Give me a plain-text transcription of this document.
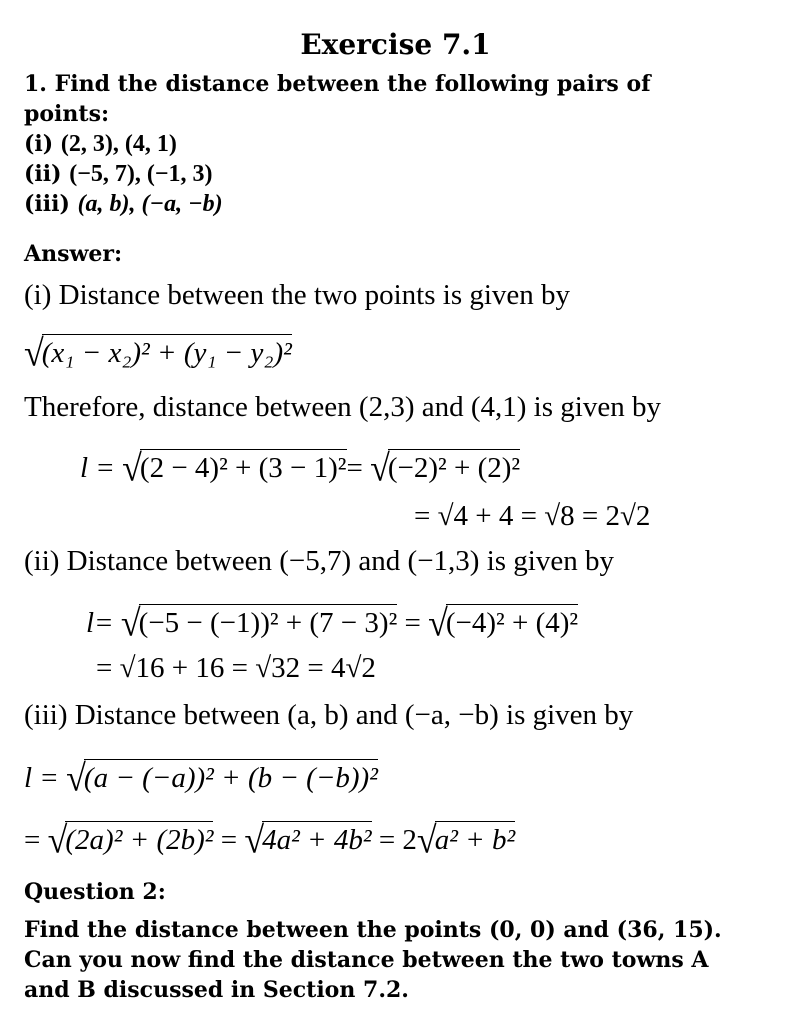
Exercise 7.1
1. Find the distance between the following pairs of
points:
(i) (2, 3), (4, 1)
(ii) (−5, 7), (−1, 3)
(iii) (a, b), (−a, −b)
Answer:
(i) Distance between the two points is given by
√(x₁ − x₂)² + (y₁ − y₂)²
Therefore, distance between (2,3) and (4,1) is given by
l = √(2 − 4)² + (3 − 1)²= √(−2)² + (2)²
= √4 + 4 = √8 = 2√2
(ii) Distance between (−5,7) and (−1,3) is given by
l= √(−5 − (−1))² + (7 − 3)² = √(−4)² + (4)²
= √16 + 16 = √32 = 4√2
(iii) Distance between (a, b) and (−a, −b) is given by
l = √(a − (−a))² + (b − (−b))²
= √(2a)² + (2b)² = √4a² + 4b² = 2√a² + b²
Question 2:
Find the distance between the points (0, 0) and (36, 15).
Can you now find the distance between the two towns A
and B discussed in Section 7.2.
